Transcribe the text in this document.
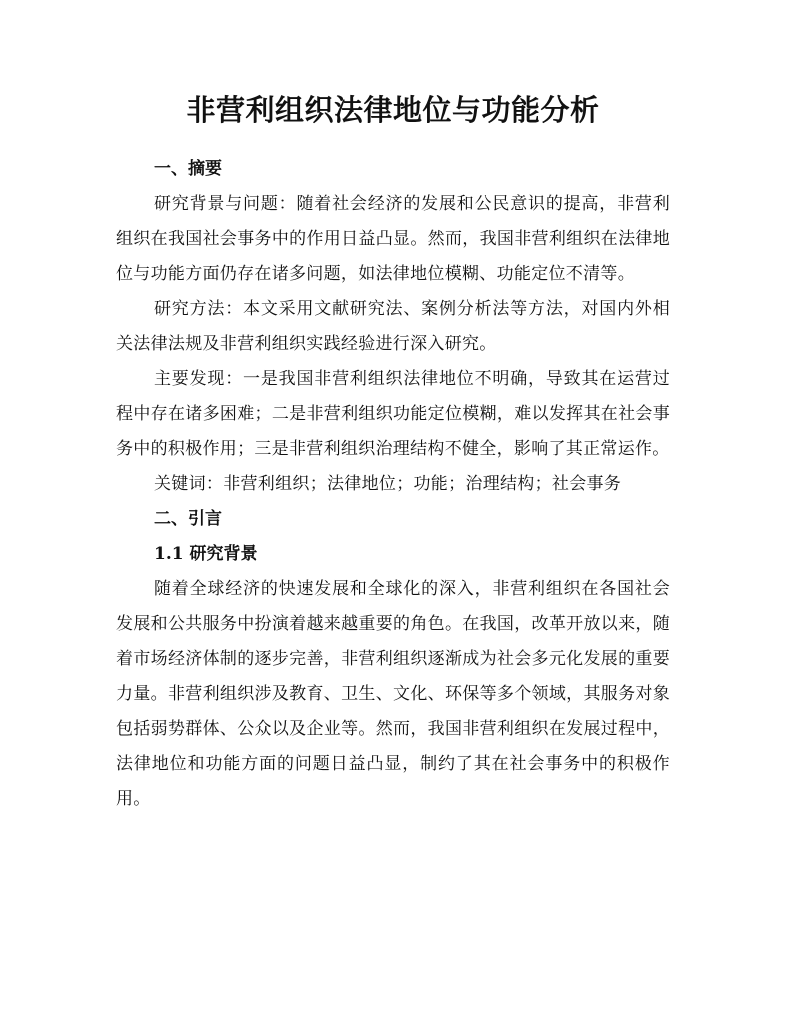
非营利组织法律地位与功能分析
一、摘要

研究背景与问题：随着社会经济的发展和公民意识的提高，非营利组织在我国社会事务中的作用日益凸显。然而，我国非营利组织在法律地位与功能方面仍存在诸多问题，如法律地位模糊、功能定位不清等。

研究方法：本文采用文献研究法、案例分析法等方法，对国内外相关法律法规及非营利组织实践经验进行深入研究。

主要发现：一是我国非营利组织法律地位不明确，导致其在运营过程中存在诸多困难；二是非营利组织功能定位模糊，难以发挥其在社会事务中的积极作用；三是非营利组织治理结构不健全，影响了其正常运作。

关键词：非营利组织；法律地位；功能；治理结构；社会事务

二、引言
1.1 研究背景

随着全球经济的快速发展和全球化的深入，非营利组织在各国社会发展和公共服务中扮演着越来越重要的角色。在我国，改革开放以来，随着市场经济体制的逐步完善，非营利组织逐渐成为社会多元化发展的重要力量。非营利组织涉及教育、卫生、文化、环保等多个领域，其服务对象包括弱势群体、公众以及企业等。然而，我国非营利组织在发展过程中，法律地位和功能方面的问题日益凸显，制约了其在社会事务中的积极作用。
